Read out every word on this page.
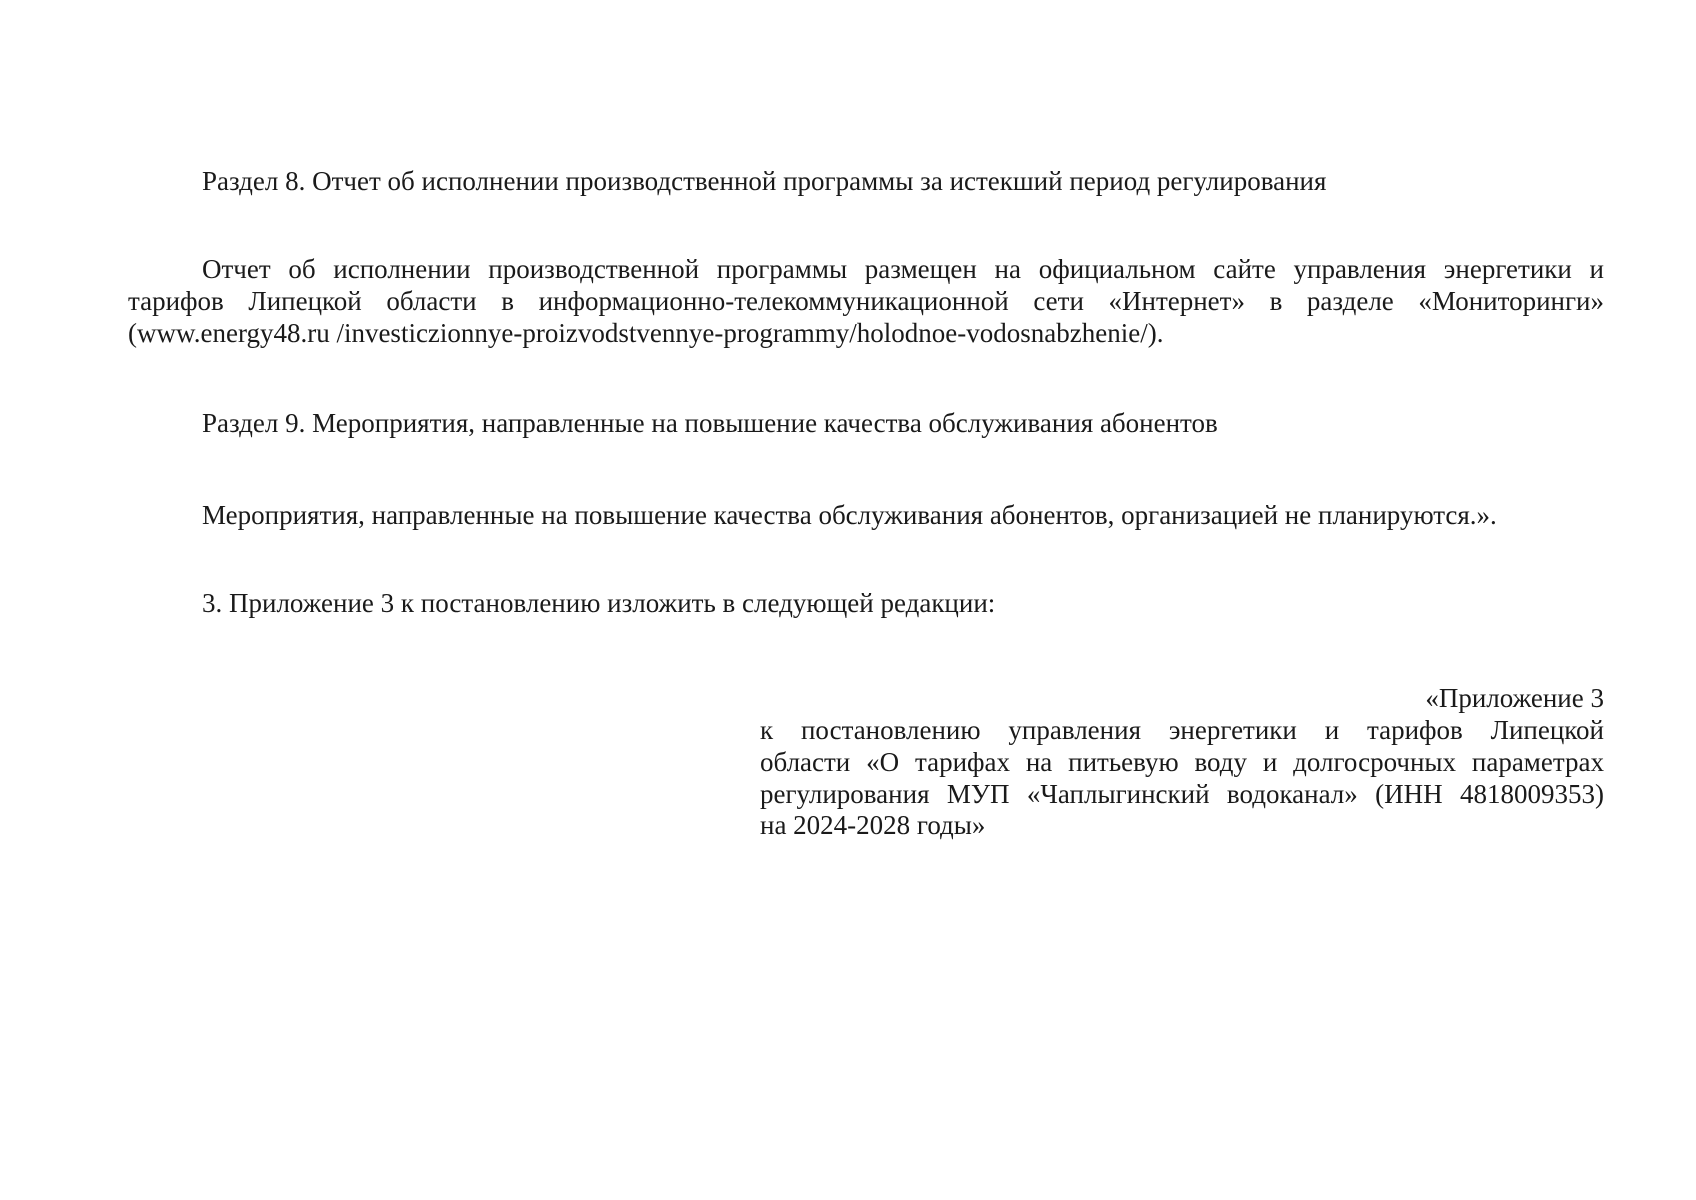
Раздел 8. Отчет об исполнении производственной программы за истекший период регулирования
Отчет об исполнении производственной программы размещен на официальном сайте управления энергетики и
тарифов Липецкой области в информационно-телекоммуникационной сети «Интернет» в разделе «Мониторинги»
(www.energy48.ru /investiczionnye-proizvodstvennye-programmy/holodnoe-vodosnabzhenie/).
Раздел 9. Мероприятия, направленные на повышение качества обслуживания абонентов
Мероприятия, направленные на повышение качества обслуживания абонентов, организацией не планируются.».
3. Приложение 3 к постановлению изложить в следующей редакции:
«Приложение 3
к постановлению управления энергетики и тарифов Липецкой
области «О тарифах на питьевую воду и долгосрочных параметрах
регулирования МУП «Чаплыгинский водоканал» (ИНН 4818009353)
на 2024-2028 годы»
